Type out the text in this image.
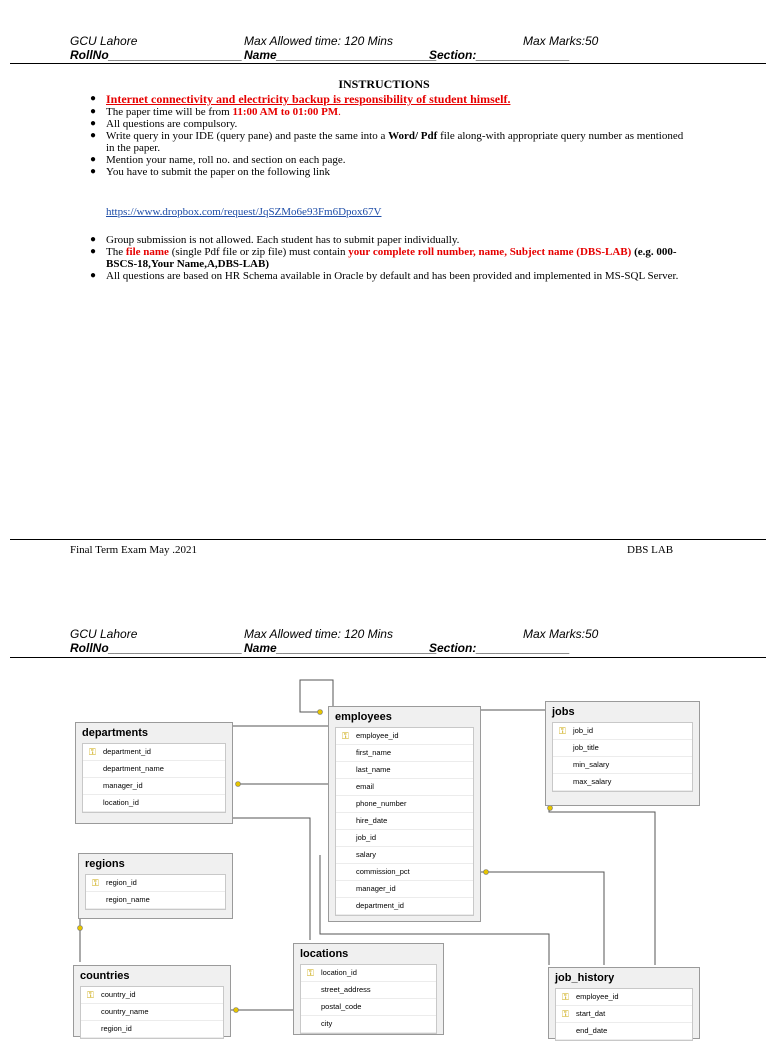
GCU Lahore	Max Allowed time: 120 Mins	Max Marks:50
RollNo____________________ Name________________________
Section:______________
INSTRUCTIONS
● Internet connectivity and electricity backup is responsibility of student himself.
● The paper time will be from 11:00 AM to 01:00 PM.
● All questions are compulsory.
● Write query in your IDE (query pane) and paste the same into a Word/ Pdf file along-with appropriate query number as mentioned in the paper.
● Mention your name, roll no. and section on each page.
● You have to submit the paper on the following link
https://www.dropbox.com/request/JqSZMo6e93Fm6Dpox67V
● Group submission is not allowed. Each student has to submit paper individually.
● The file name (single Pdf file or zip file) must contain your complete roll number, name, Subject name (DBS-LAB) (e.g. 000-BSCS-18,Your Name,A,DBS-LAB)
● All questions are based on HR Schema available in Oracle by default and has been provided and implemented in MS-SQL Server.
Final Term Exam May .2021	DBS LAB
GCU Lahore	Max Allowed time: 120 Mins	Max Marks:50
RollNo____________________ Name________________________
Section:______________
departments
⚿ department_id
department_name
manager_id
location_id
employees
⚿ employee_id
first_name
last_name
email
phone_number
hire_date
job_id
salary
commission_pct
manager_id
department_id
jobs
⚿ job_id
job_title
min_salary
max_salary
regions
⚿ region_id
region_name
locations
⚿ location_id
street_address
postal_code
city
countries
⚿ country_id
country_name
region_id
job_history
⚿ employee_id
⚿ start_dat
end_date
